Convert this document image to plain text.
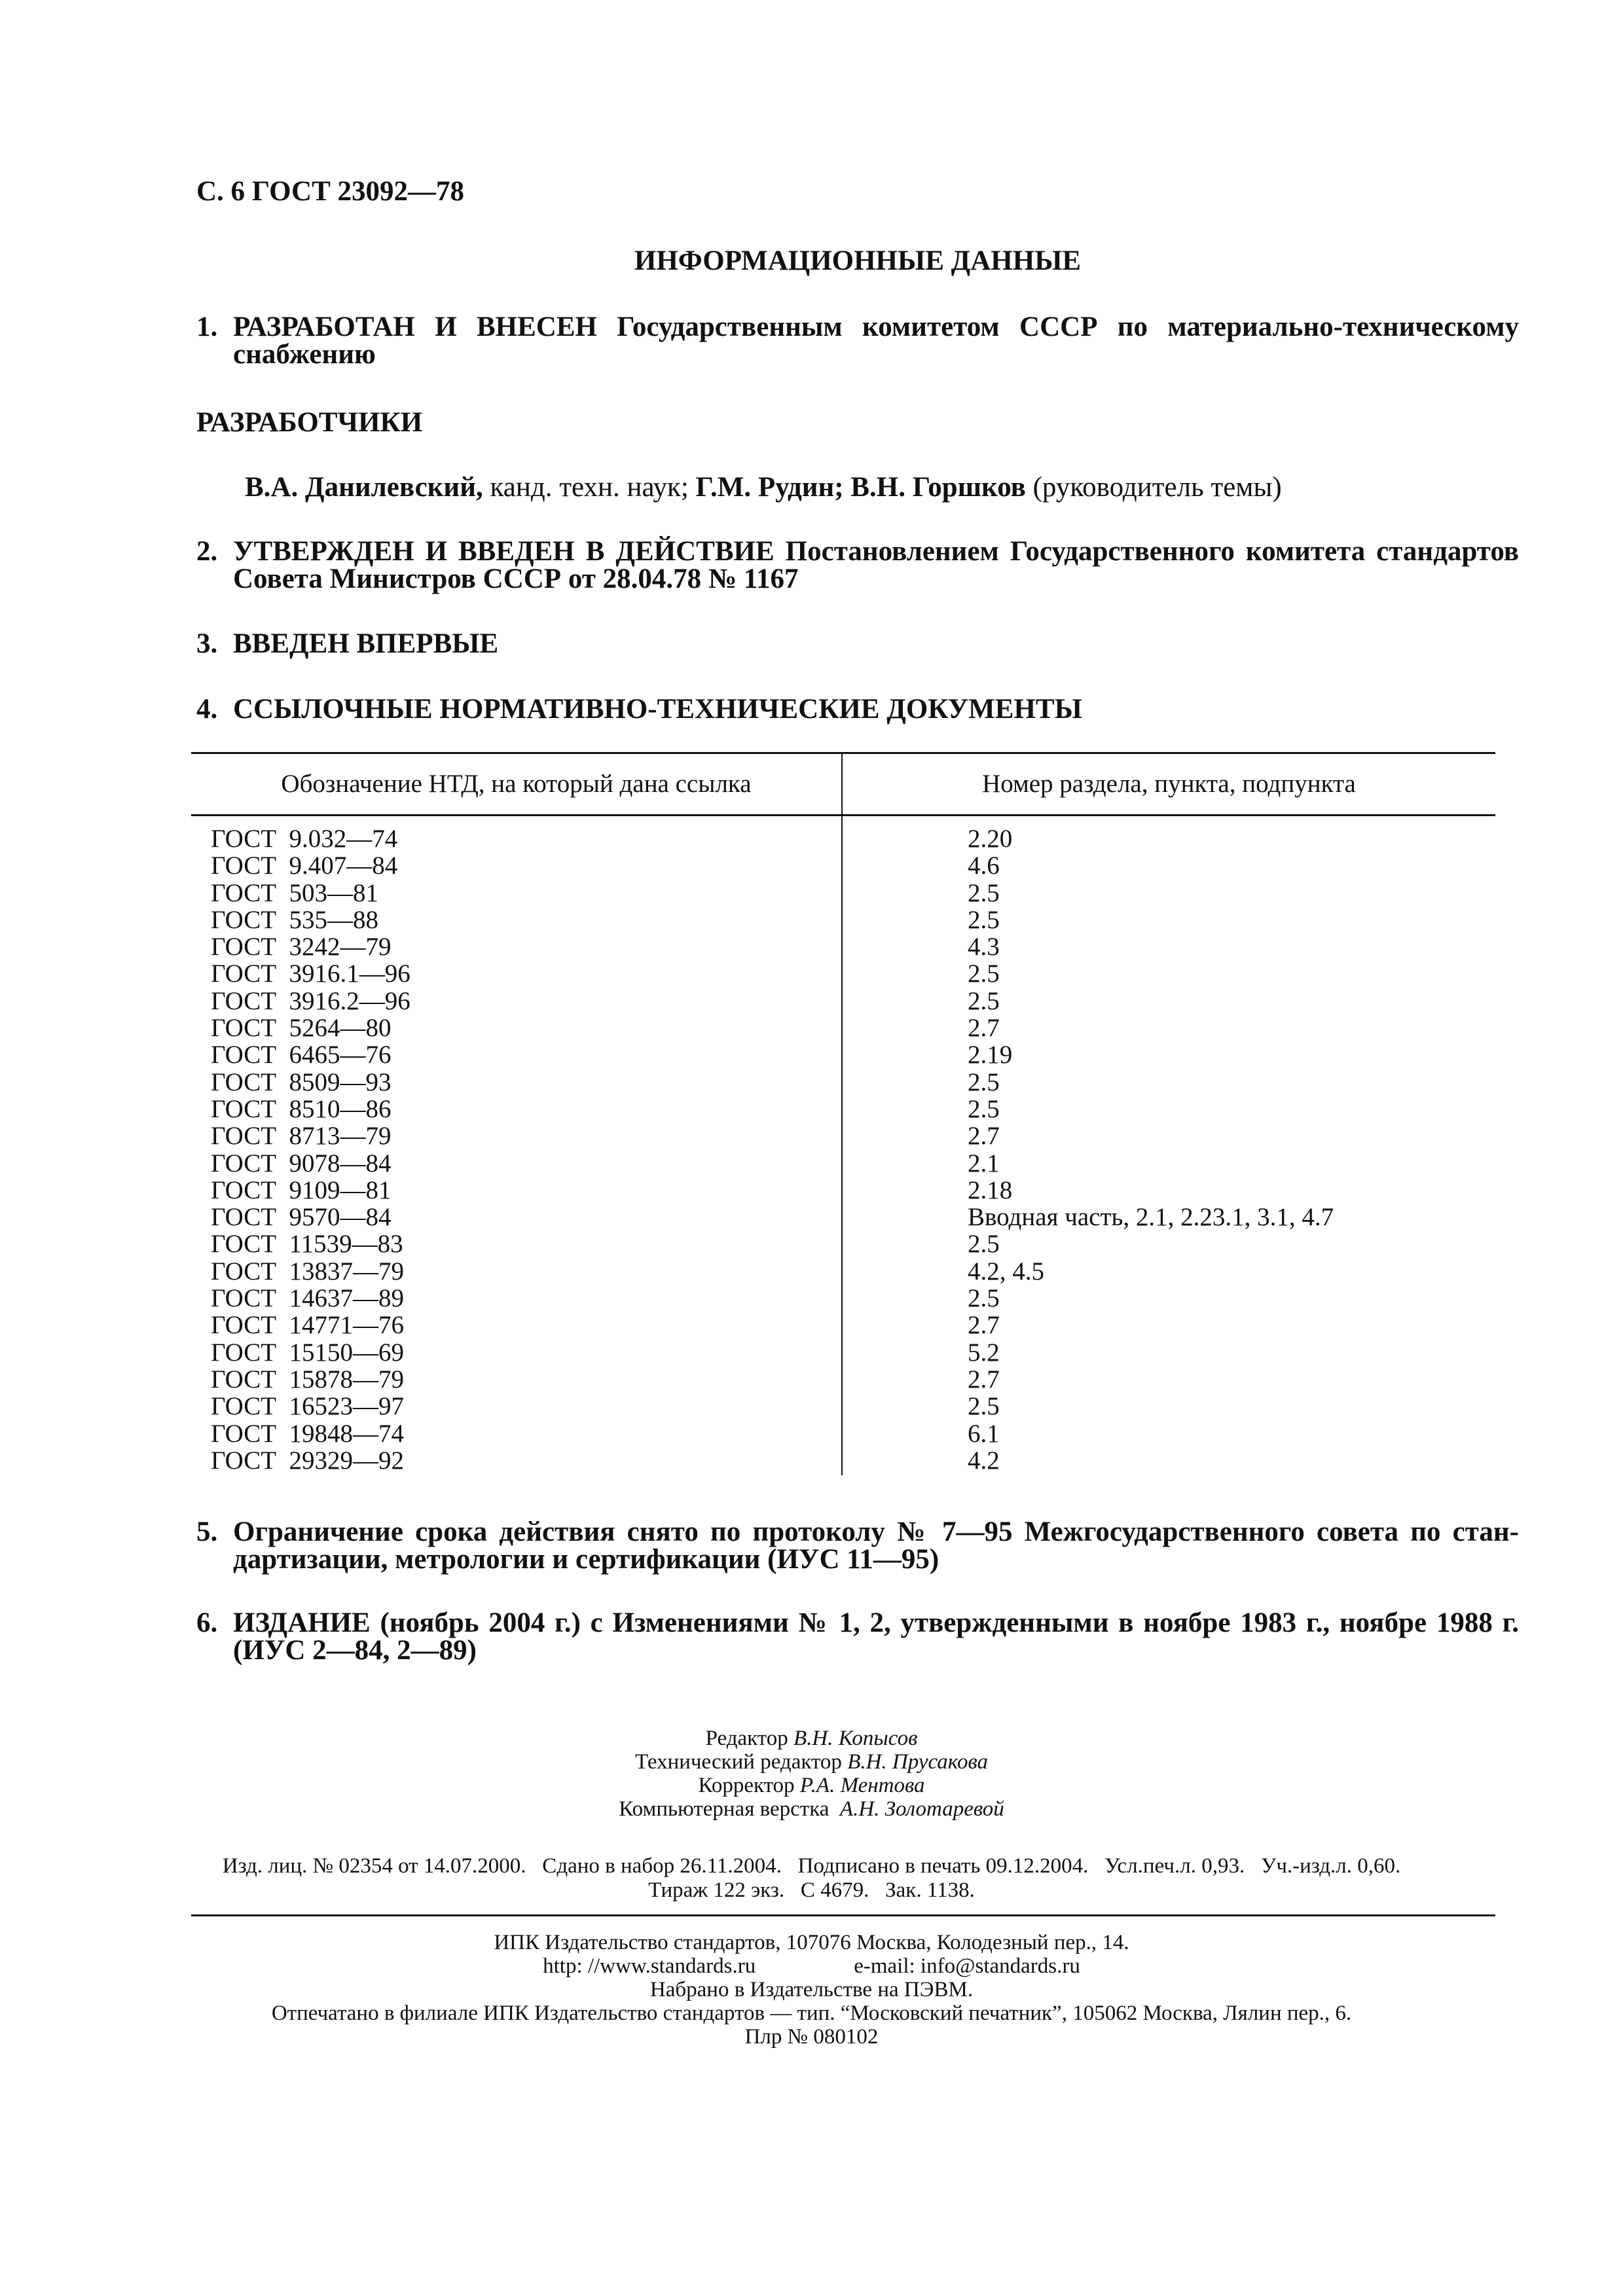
С. 6 ГОСТ 23092—78
ИНФОРМАЦИОННЫЕ ДАННЫЕ
1. РАЗРАБОТАН И ВНЕСЕН Государственным комитетом СССР по материально-техническому
снабжению
РАЗРАБОТЧИКИ
В.А. Данилевский, канд. техн. наук; Г.М. Рудин; В.Н. Горшков (руководитель темы)
2. УТВЕРЖДЕН И ВВЕДЕН В ДЕЙСТВИЕ Постановлением Государственного комитета стандартов
Совета Министров СССР от 28.04.78 № 1167
3. ВВЕДЕН ВПЕРВЫЕ
4. ССЫЛОЧНЫЕ НОРМАТИВНО-ТЕХНИЧЕСКИЕ ДОКУМЕНТЫ
Обозначение НТД, на который дана ссылка	Номер раздела, пункта, подпункта
ГОСТ  9.032—74
ГОСТ  9.407—84
ГОСТ  503—81
ГОСТ  535—88
ГОСТ  3242—79
ГОСТ  3916.1—96
ГОСТ  3916.2—96
ГОСТ  5264—80
ГОСТ  6465—76
ГОСТ  8509—93
ГОСТ  8510—86
ГОСТ  8713—79
ГОСТ  9078—84
ГОСТ  9109—81
ГОСТ  9570—84
ГОСТ  11539—83
ГОСТ  13837—79
ГОСТ  14637—89
ГОСТ  14771—76
ГОСТ  15150—69
ГОСТ  15878—79
ГОСТ  16523—97
ГОСТ  19848—74
ГОСТ  29329—92
2.20
4.6
2.5
2.5
4.3
2.5
2.5
2.7
2.19
2.5
2.5
2.7
2.1
2.18
Вводная часть, 2.1, 2.23.1, 3.1, 4.7
2.5
4.2, 4.5
2.5
2.7
5.2
2.7
2.5
6.1
4.2
5. Ограничение срока действия снято по протоколу № 7—95 Межгосударственного совета по стан-
дартизации, метрологии и сертификации (ИУС 11—95)
6. ИЗДАНИЕ (ноябрь 2004 г.) с Изменениями № 1, 2, утвержденными в ноябре 1983 г., ноябре 1988 г.
(ИУС 2—84, 2—89)
Редактор В.Н. Копысов
Технический редактор В.Н. Прусакова
Корректор Р.А. Ментова
Компьютерная верстка А.Н. Золотаревой
Изд. лиц. № 02354 от 14.07.2000.   Сдано в набор 26.11.2004.   Подписано в печать 09.12.2004.   Усл.печ.л. 0,93.   Уч.-изд.л. 0,60.
Тираж 122 экз.   С 4679.   Зак. 1138.
ИПК Издательство стандартов, 107076 Москва, Колодезный пер., 14.
http: //www.standards.ru	e-mail: info@standards.ru
Набрано в Издательстве на ПЭВМ.
Отпечатано в филиале ИПК Издательство стандартов — тип. “Московский печатник”, 105062 Москва, Лялин пер., 6.
Плр № 080102
